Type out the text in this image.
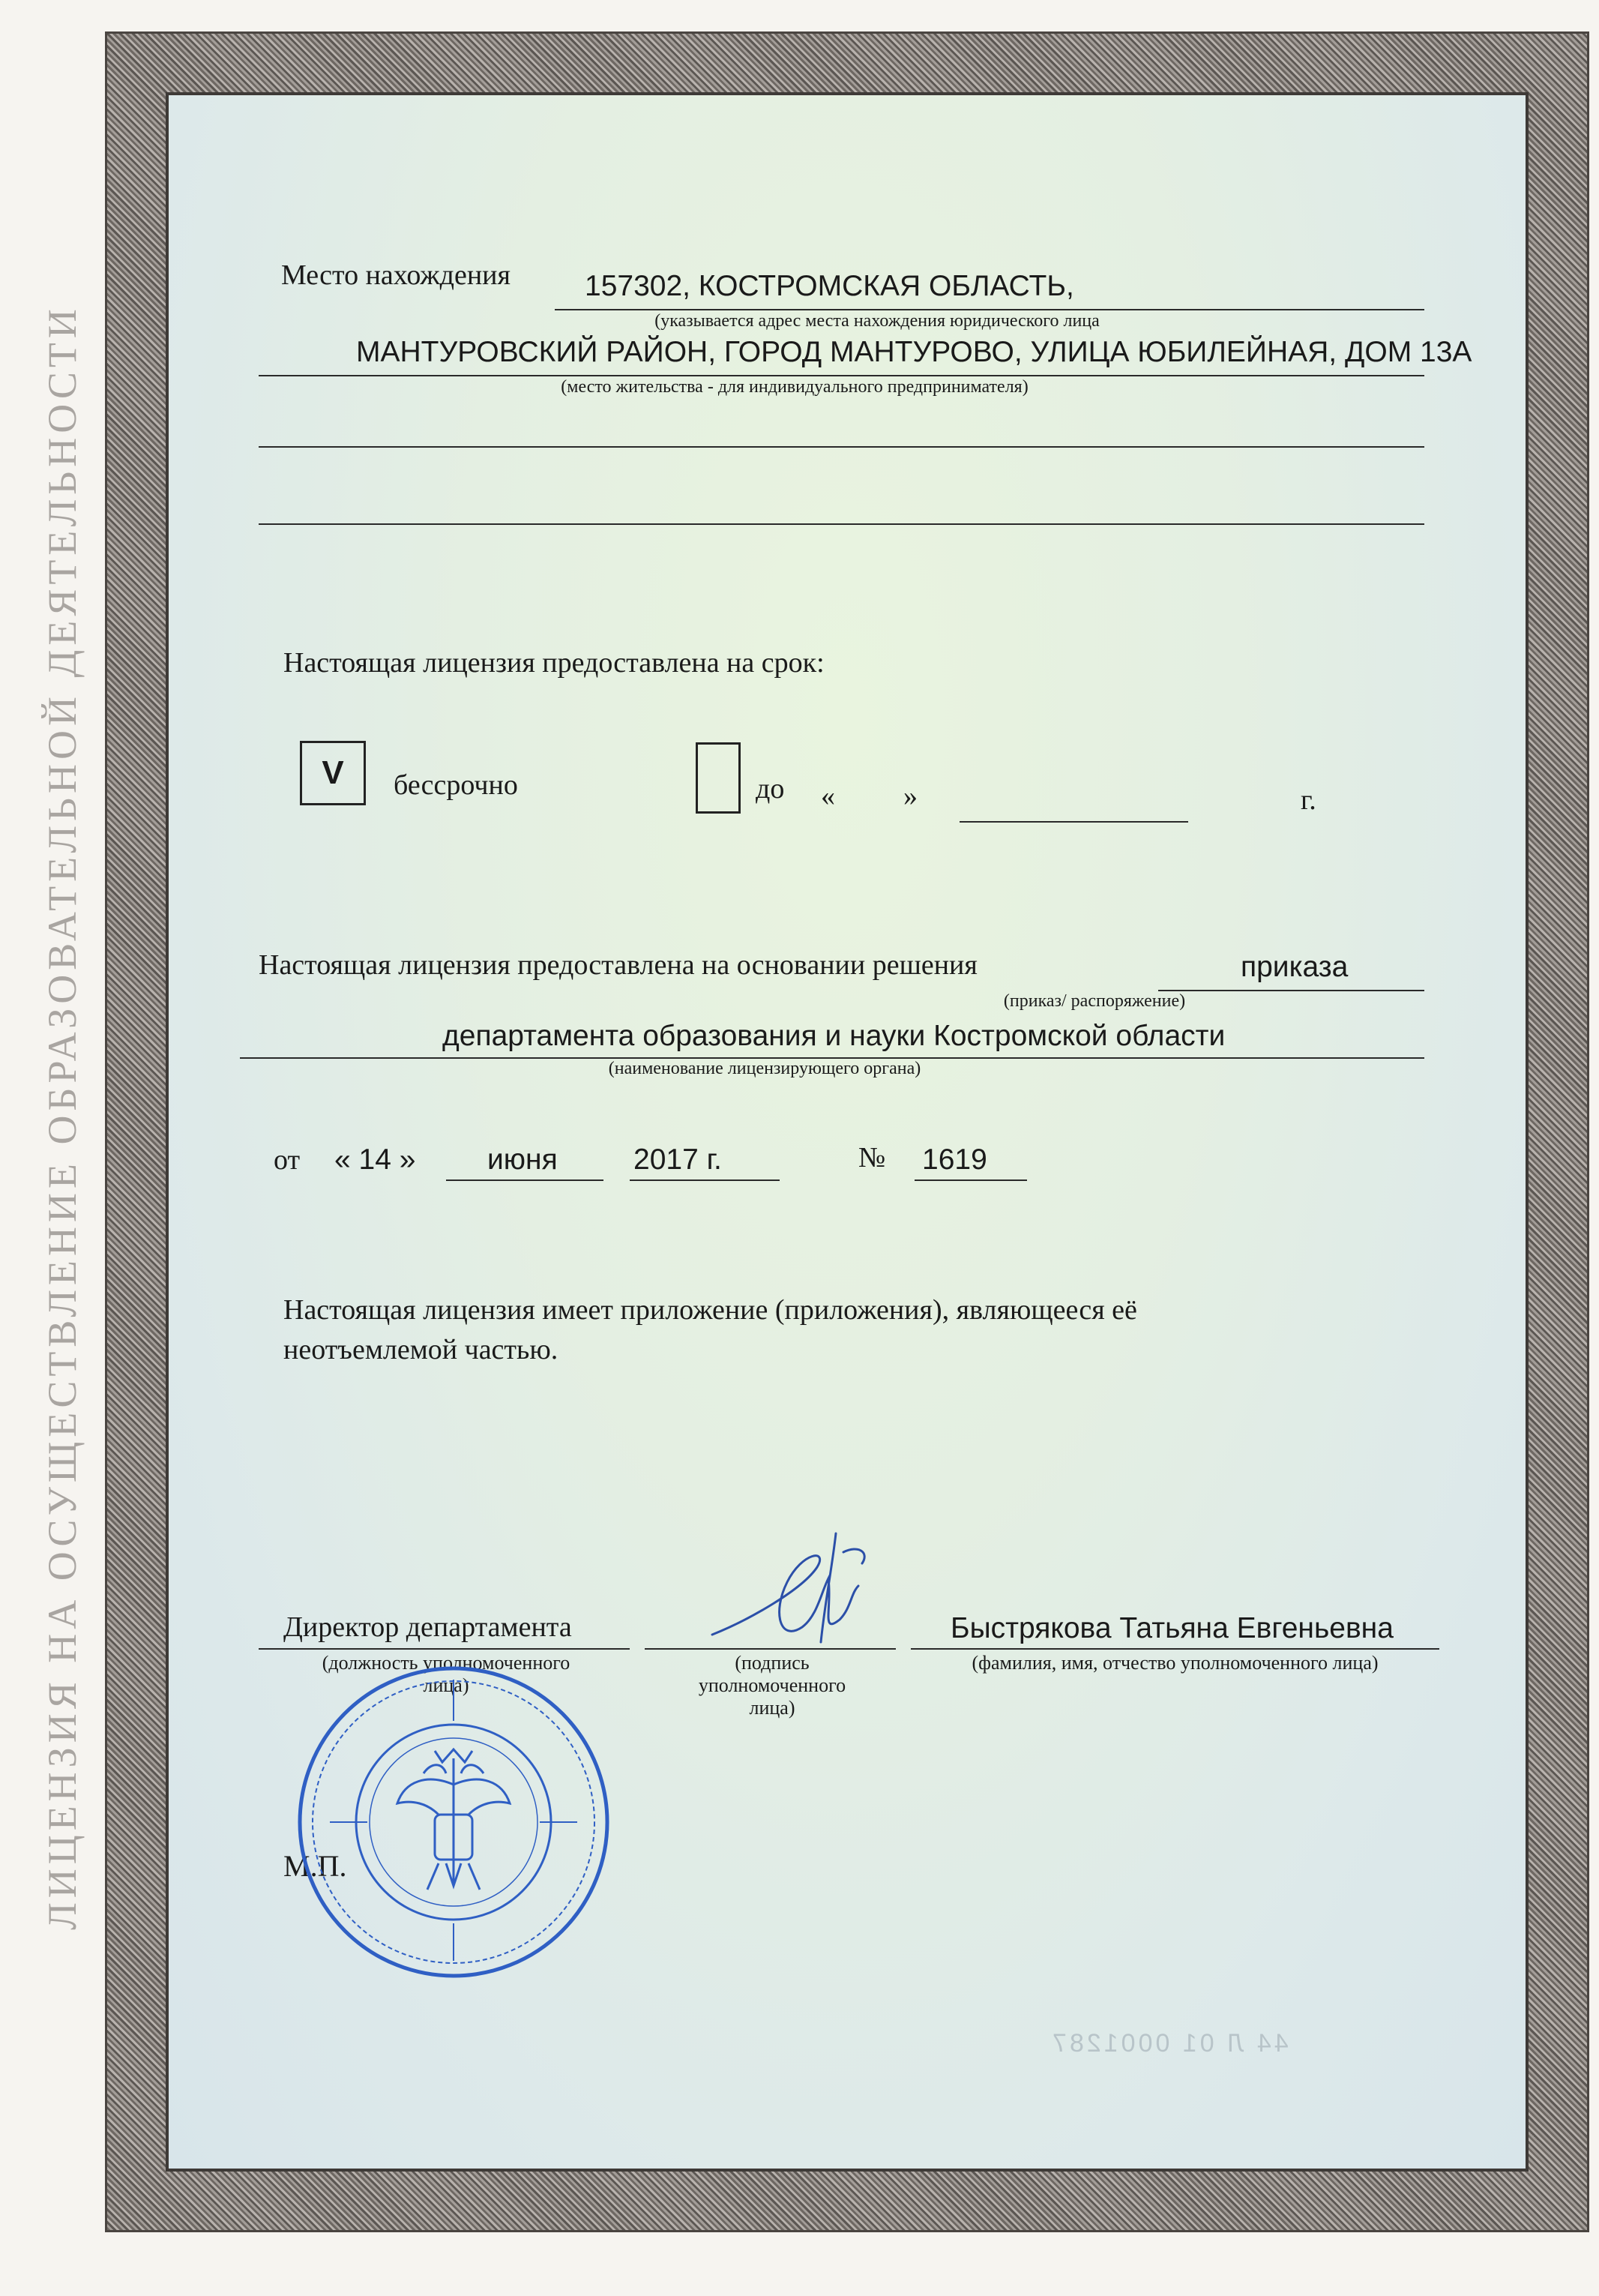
ЛИЦЕНЗИЯ НА ОСУЩЕСТВЛЕНИЕ ОБРАЗОВАТЕЛЬНОЙ ДЕЯТЕЛЬНОСТИ
Место нахождения	157302, КОСТРОМСКАЯ ОБЛАСТЬ,
(указывается адрес места нахождения юридического лица
МАНТУРОВСКИЙ РАЙОН, ГОРОД МАНТУРОВО, УЛИЦА ЮБИЛЕЙНАЯ, ДОМ 13А
(место жительства - для индивидуального предпринимателя)
Настоящая лицензия предоставлена на срок:
V	бессрочно	до « »	г.
Настоящая лицензия предоставлена на основании решения	приказа
(приказ/ распоряжение)
департамента образования и науки Костромской области
(наименование лицензирующего органа)
от « 14 » июня	2017 г.	№ 1619
Настоящая лицензия имеет приложение (приложения), являющееся её
неотъемлемой частью.
Директор департамента
(должность уполномоченного
лица)
(подпись
уполномоченного
лица)
Быстрякова Татьяна Евгеньевна
(фамилия, имя, отчество уполномоченного лица)
М.П.
44 Л 01 0001287
